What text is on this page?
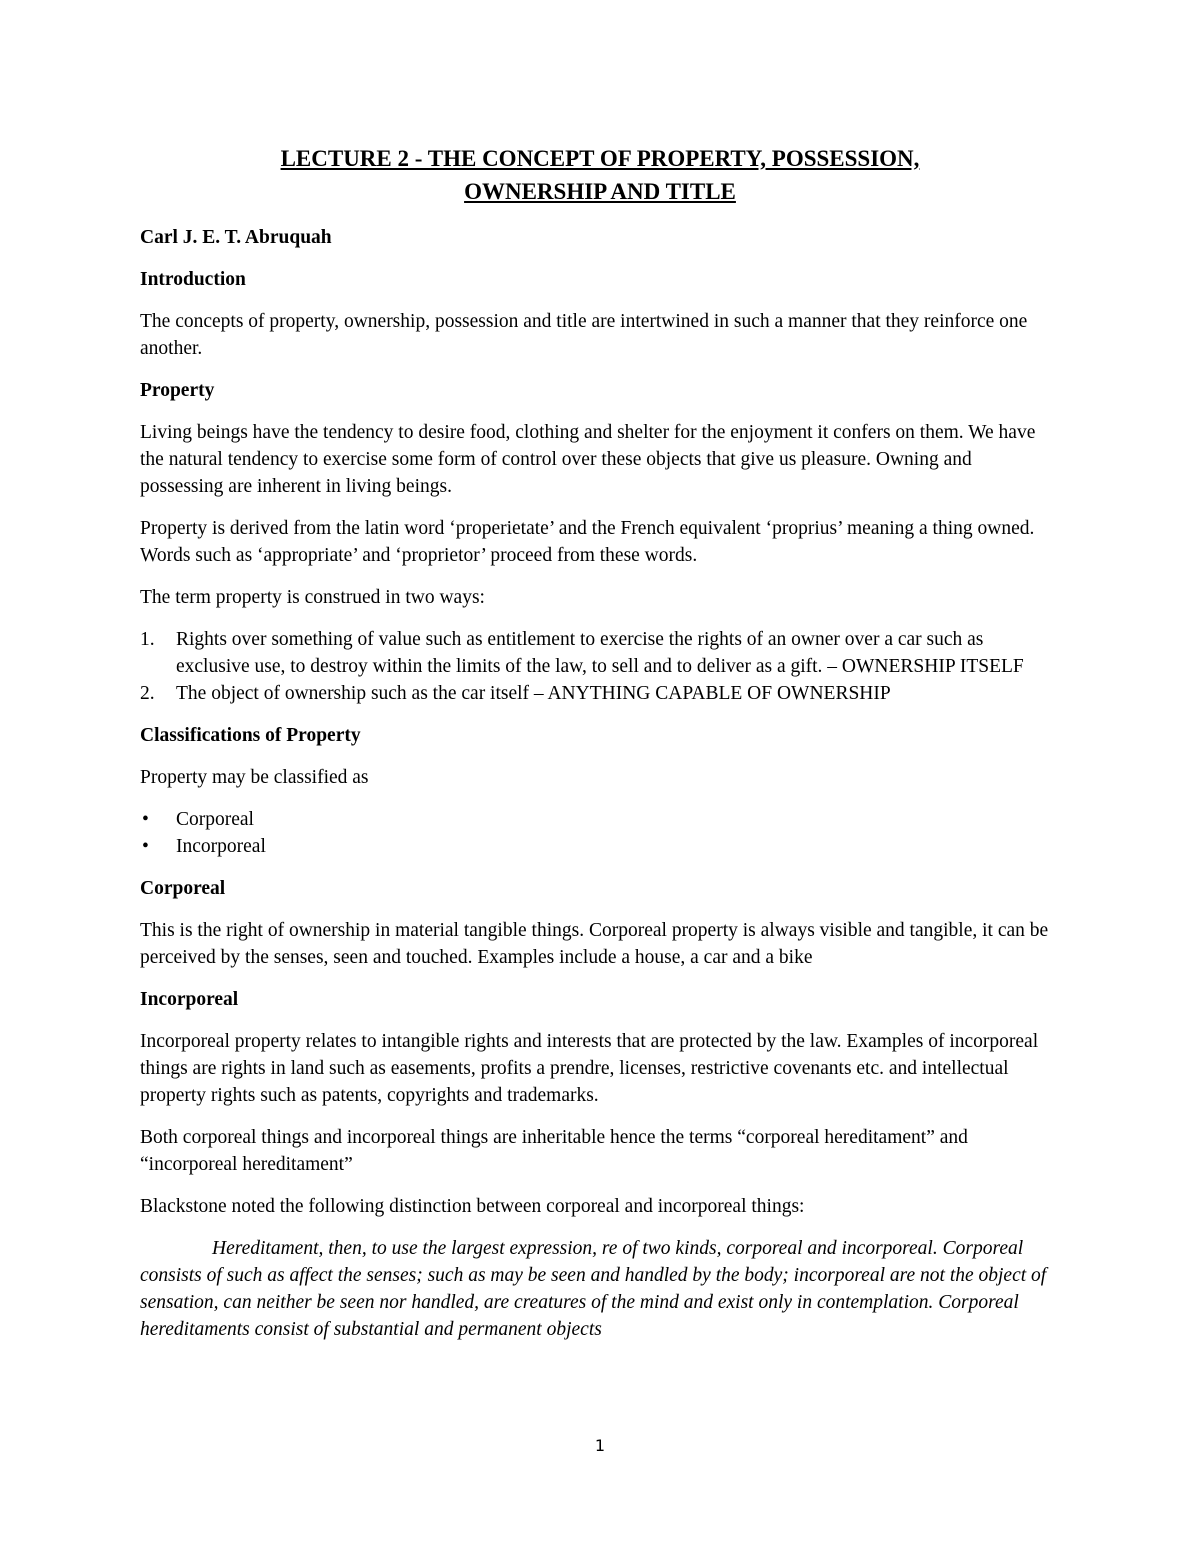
LECTURE 2 - THE CONCEPT OF PROPERTY, POSSESSION,
OWNERSHIP AND TITLE
Carl J. E. T. Abruquah
Introduction

The concepts of property, ownership, possession and title are intertwined in such a manner that they reinforce one another.

Property

Living beings have the tendency to desire food, clothing and shelter for the enjoyment it confers on them. We have the natural tendency to exercise some form of control over these objects that give us pleasure. Owning and possessing are inherent in living beings.

Property is derived from the latin word ‘properietate’ and the French equivalent ‘proprius’ meaning a thing owned. Words such as ‘appropriate’ and ‘proprietor’ proceed from these words.

The term property is construed in two ways:

1. Rights over something of value such as entitlement to exercise the rights of an owner over a car such as exclusive use, to destroy within the limits of the law, to sell and to deliver as a gift. – OWNERSHIP ITSELF
2. The object of ownership such as the car itself – ANYTHING CAPABLE OF OWNERSHIP
Classifications of Property

Property may be classified as

• Corporeal
• Incorporeal
Corporeal

This is the right of ownership in material tangible things. Corporeal property is always visible and tangible, it can be perceived by the senses, seen and touched. Examples include a house, a car and a bike

Incorporeal

Incorporeal property relates to intangible rights and interests that are protected by the law. Examples of incorporeal things are rights in land such as easements, profits a prendre, licenses, restrictive covenants etc. and intellectual property rights such as patents, copyrights and trademarks.

Both corporeal things and incorporeal things are inheritable hence the terms “corporeal hereditament” and “incorporeal hereditament”

Blackstone noted the following distinction between corporeal and incorporeal things:

Hereditament, then, to use the largest expression, re of two kinds, corporeal and incorporeal. Corporeal consists of such as affect the senses; such as may be seen and handled by the body; incorporeal are not the object of sensation, can neither be seen nor handled, are creatures of the mind and exist only in contemplation. Corporeal hereditaments consist of substantial and permanent objects

1
